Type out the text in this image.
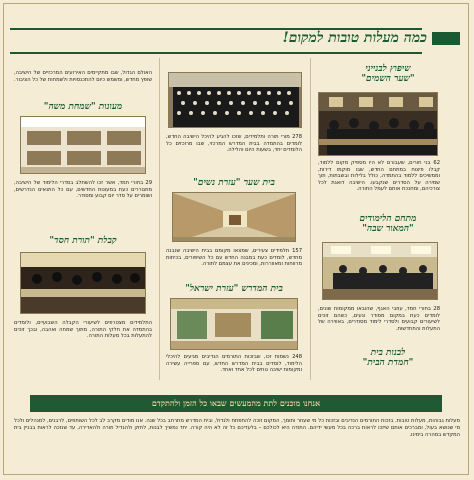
כמה מעלות טובות למקום!
שיפוץ לבנייני
"שער השמים"
62 בני חורים, שעבורם לא היו מספיק מקום ללמוד, קבלו פיצוח במתחם החדש, שבו מוקמו דירות, וממשיכים ללמוד בהתמדה, כולל בלילות ובשבתות, תוך שמירה על הסדרים שנקבעו. הישיבה דואגת לכל צורכיהם, ומחנכת אותם לעמל התורה.
מתחם הלימודים
"המאור שבה"
28 בחורי חמד, עוזבי האגף, שהובאו ממקומות שונים, לומדים כעת במקום מסודר ונעים, כשהם זוכים לשיעורים קבועים ולסדרי לימוד מסודרים, באווירה של התעלות והתחדשות.
לבנות בית
"חמדת הבית"
278 מורי תורה ותלמידים, שזכו להגיע להיכל הישיבה החדש, לומדים בהתמדה בבית המדרש המרכזי, שבו מרוכזים כל הלומדים יחד, בשעות היום והלילה.
בית שער "עזרת נשים"
157 תלמידים צעירים, שמצאו מקומם בבית הישיבה שנבנה מחדש, לומדים כעת במבנה החדש עם כל השיפורים, בכיתות מרווחות ומאווררות, ומכינים את עצמם לתורה.
בית המדרש "עזרת ישראל"
248 נשמות זכו, שבזכות התורמים הנדיבים מגיעים להיכלי הלימוד, לומדים בבית המדרש החדש, עם ספרייה עשירה ומקומות ישיבה נוחים לכל אחד ואחד.
האולם הגדול, שבו מתקיימים האירועים המרכזיים של הישיבה, שופץ מחדש, ומשמש כיום להתכנסויות ולשמחות של כל הציבור.
מעונות "שמחת משה"
29 בחורי חמד, אשר זכו להשתלב בסדרי הלימוד של הישיבה, מתגוררים כעת במעונות החדשים, עם כל התנאים הנדרשים, ושומרים על סדר יום קבוע ומסודר.
קבלת "תורת חסד"
התלמידים מצטרפים לשיעורי הקבלה השבועיים, ולומדים בהתמדה את חלקי התורה, מתוך שמחה ואהבה, ובכך זוכים להתעלות בכל מעלות התורה.
אנחנו מוכנים לתת מהמעשים שבאו כל הזמן ולהתקדם
מעלות גבוהות, מעלות טובות. בזכות התורמים הנדיבים ובזכות כל מי שעוזר ותומך, המקום זוכה להתפתח ולגדול, ובית המדרש מתרחב בכל שנה. אנו מודים מקרב לב לכל השותפים, לרבנים, למנהלים ולכל מי שנושא בעול, ומברכים אותם שיזכו לראות ברכה בכל מעשי ידיהם. התודה היא לכולכם – בלעדיכם כל זה לא היה קורה. יחד נמשיך לבנות, לחזק ולהגדיל תורה ולהאדירה, עד שנזכה לראות בבניין בית המקדש במהרה בימינו.
